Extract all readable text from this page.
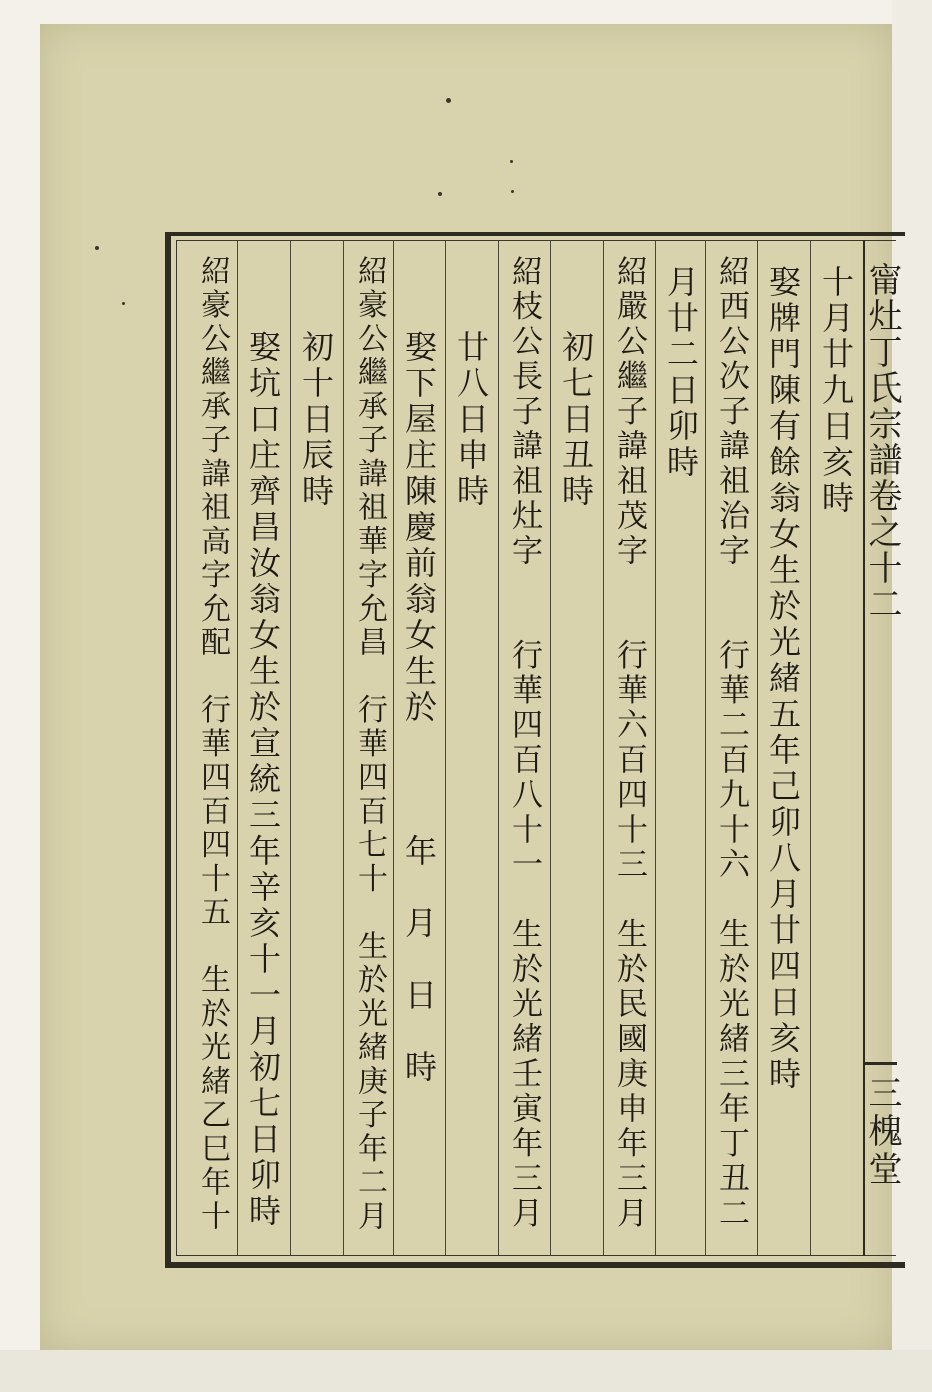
甯灶丁氏宗譜卷之十二
三槐堂
十月廿九日亥時
娶牌門陳有餘翁女生於光緒五年己卯八月廿四日亥時
紹西公次子諱祖治字　　行華二百九十六　生於光緒三年丁丑二
月廿二日卯時
紹嚴公繼子諱祖茂字　　行華六百四十三　生於民國庚申年三月
初七日丑時
紹枝公長子諱祖灶字　　行華四百八十一　生於光緒壬寅年三月
廿八日申時
娶下屋庄陳慶前翁女生於　　　年　月　日　時
紹豪公繼承子諱祖華字允昌　行華四百七十　生於光緒庚子年二月
初十日辰時
娶坑口庄齊昌汝翁女生於宣統三年辛亥十一月初七日卯時
紹豪公繼承子諱祖高字允配　行華四百四十五　生於光緒乙巳年十
